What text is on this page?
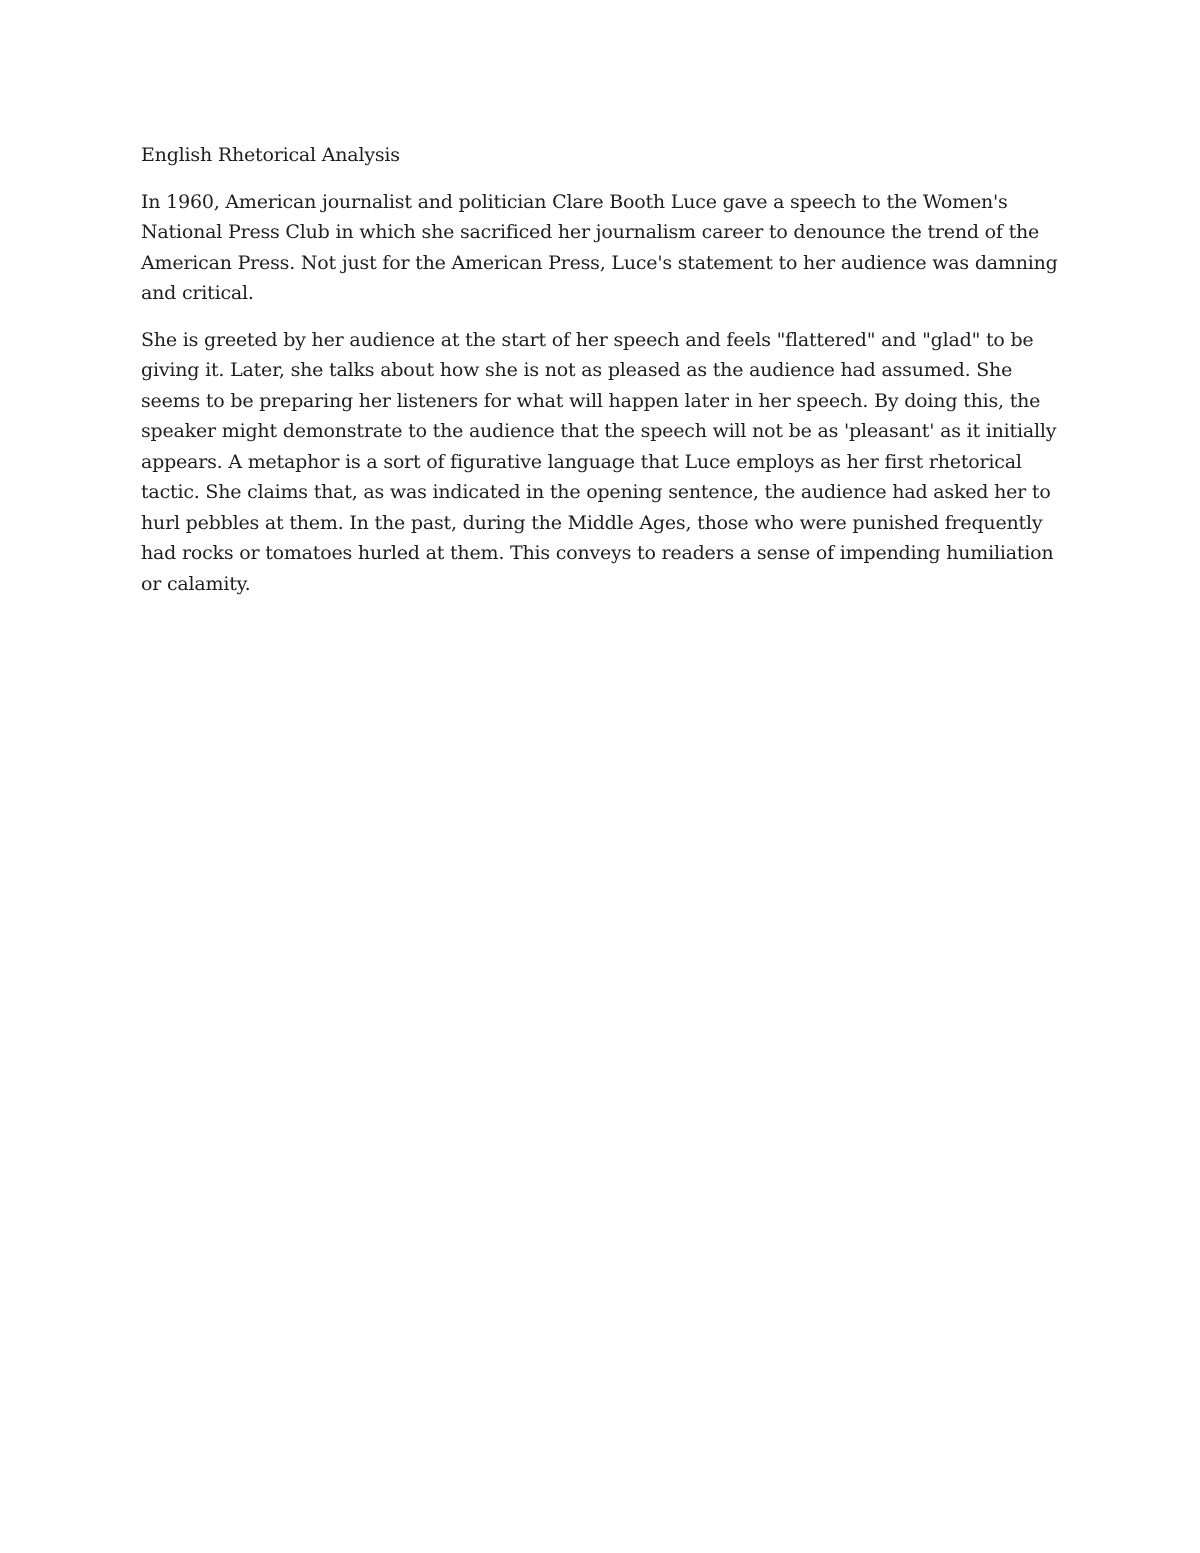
English Rhetorical Analysis

In 1960, American journalist and politician Clare Booth Luce gave a speech to the Women's National Press Club in which she sacrificed her journalism career to denounce the trend of the American Press. Not just for the American Press, Luce's statement to her audience was damning and critical.

She is greeted by her audience at the start of her speech and feels "flattered" and "glad" to be giving it. Later, she talks about how she is not as pleased as the audience had assumed. She seems to be preparing her listeners for what will happen later in her speech. By doing this, the speaker might demonstrate to the audience that the speech will not be as 'pleasant' as it initially appears. A metaphor is a sort of figurative language that Luce employs as her first rhetorical tactic. She claims that, as was indicated in the opening sentence, the audience had asked her to hurl pebbles at them. In the past, during the Middle Ages, those who were punished frequently had rocks or tomatoes hurled at them. This conveys to readers a sense of impending humiliation or calamity.
